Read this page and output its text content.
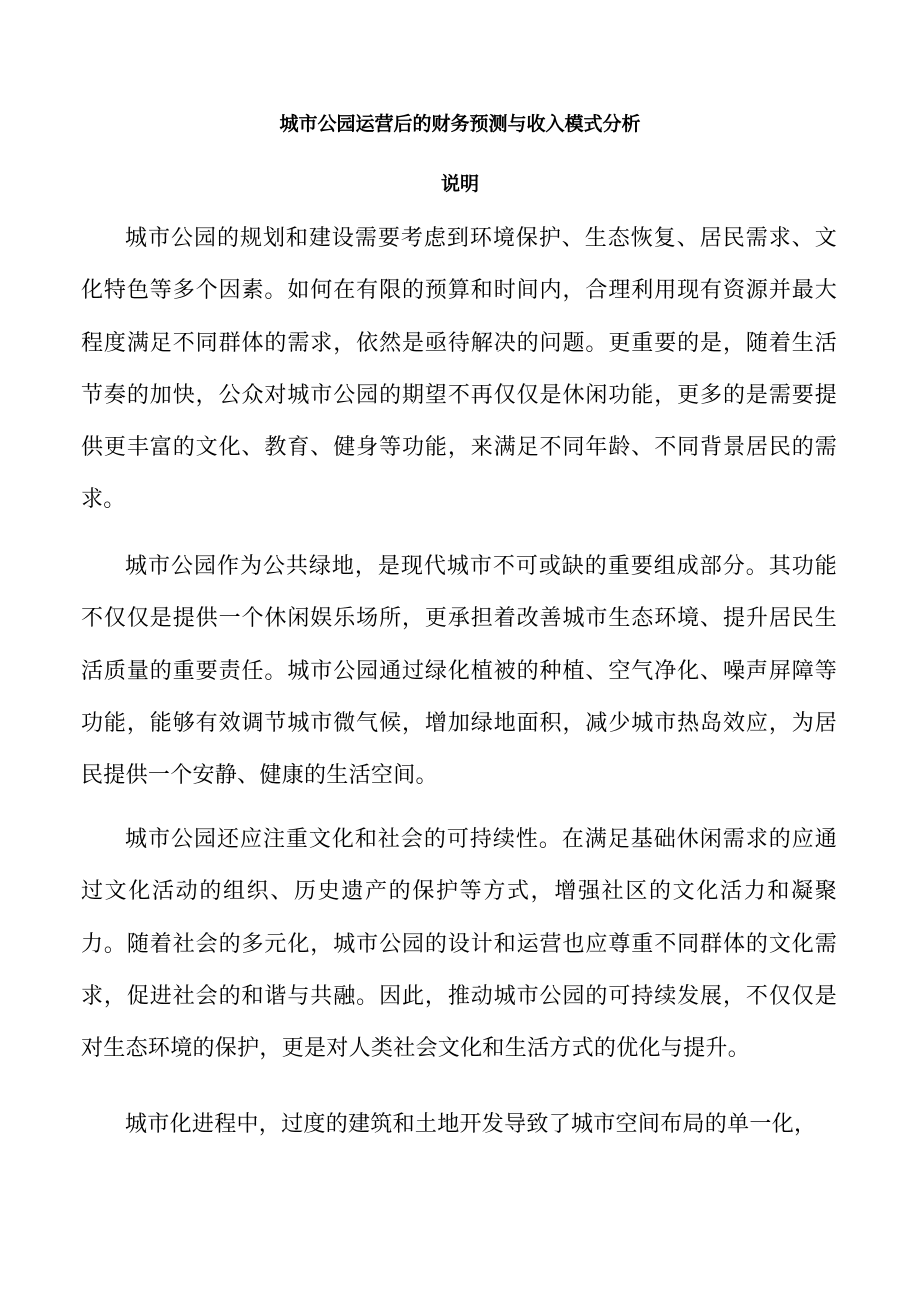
城市公园运营后的财务预测与收入模式分析
说明

城市公园的规划和建设需要考虑到环境保护、生态恢复、居民需求、文化特色等多个因素。如何在有限的预算和时间内，合理利用现有资源并最大程度满足不同群体的需求，依然是亟待解决的问题。更重要的是，随着生活节奏的加快，公众对城市公园的期望不再仅仅是休闲功能，更多的是需要提供更丰富的文化、教育、健身等功能，来满足不同年龄、不同背景居民的需求。

城市公园作为公共绿地，是现代城市不可或缺的重要组成部分。其功能不仅仅是提供一个休闲娱乐场所，更承担着改善城市生态环境、提升居民生活质量的重要责任。城市公园通过绿化植被的种植、空气净化、噪声屏障等功能，能够有效调节城市微气候，增加绿地面积，减少城市热岛效应，为居民提供一个安静、健康的生活空间。

城市公园还应注重文化和社会的可持续性。在满足基础休闲需求的应通过文化活动的组织、历史遗产的保护等方式，增强社区的文化活力和凝聚力。随着社会的多元化，城市公园的设计和运营也应尊重不同群体的文化需求，促进社会的和谐与共融。因此，推动城市公园的可持续发展，不仅仅是对生态环境的保护，更是对人类社会文化和生活方式的优化与提升。

城市化进程中，过度的建筑和土地开发导致了城市空间布局的单一化，
